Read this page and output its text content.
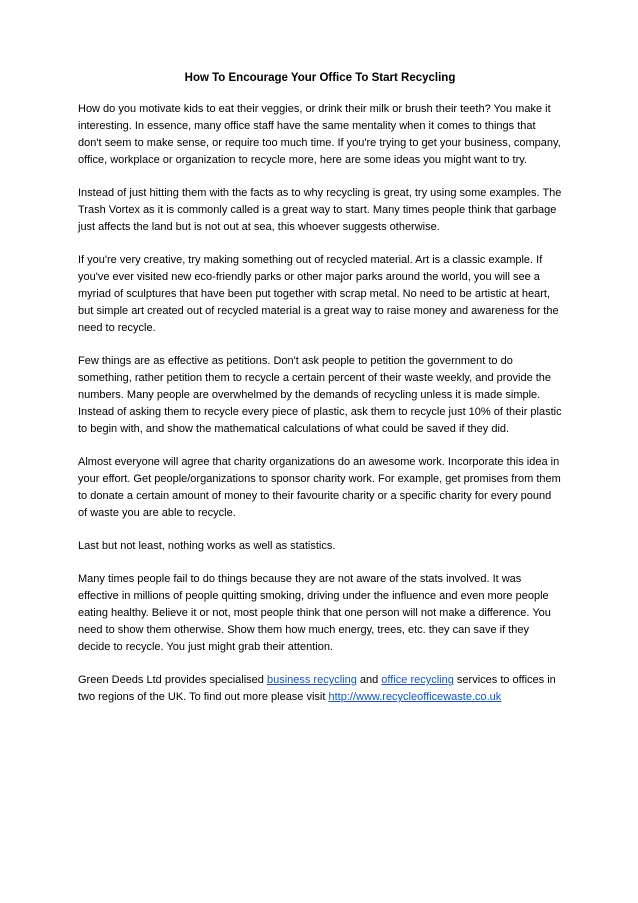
How To Encourage Your Office To Start Recycling

How do you motivate kids to eat their veggies, or drink their milk or brush their teeth? You make it interesting. In essence, many office staff have the same mentality when it comes to things that don't seem to make sense, or require too much time. If you're trying to get your business, company, office, workplace or organization to recycle more, here are some ideas you might want to try.

Instead of just hitting them with the facts as to why recycling is great, try using some examples. The Trash Vortex as it is commonly called is a great way to start. Many times people think that garbage just affects the land but is not out at sea, this whoever suggests otherwise.

If you're very creative, try making something out of recycled material. Art is a classic example. If you've ever visited new eco-friendly parks or other major parks around the world, you will see a myriad of sculptures that have been put together with scrap metal. No need to be artistic at heart, but simple art created out of recycled material is a great way to raise money and awareness for the need to recycle.

Few things are as effective as petitions. Don't ask people to petition the government to do something, rather petition them to recycle a certain percent of their waste weekly, and provide the numbers. Many people are overwhelmed by the demands of recycling unless it is made simple. Instead of asking them to recycle every piece of plastic, ask them to recycle just 10% of their plastic to begin with, and show the mathematical calculations of what could be saved if they did.

Almost everyone will agree that charity organizations do an awesome work. Incorporate this idea in your effort. Get people/organizations to sponsor charity work. For example, get promises from them to donate a certain amount of money to their favourite charity or a specific charity for every pound of waste you are able to recycle.

Last but not least, nothing works as well as statistics.

Many times people fail to do things because they are not aware of the stats involved. It was effective in millions of people quitting smoking, driving under the influence and even more people eating healthy. Believe it or not, most people think that one person will not make a difference. You need to show them otherwise. Show them how much energy, trees, etc. they can save if they decide to recycle. You just might grab their attention.

Green Deeds Ltd provides specialised business recycling and office recycling services to offices in two regions of the UK. To find out more please visit http://www.recycleofficewaste.co.uk
